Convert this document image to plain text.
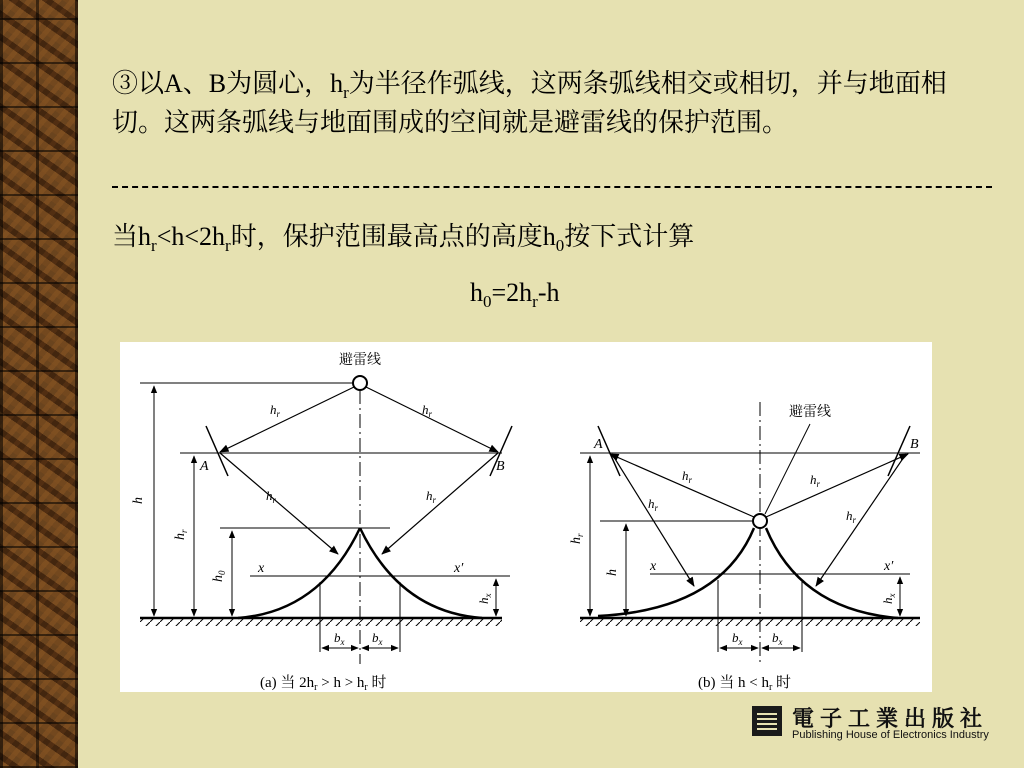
③以A、B为圆心，$h_r$为半径作弧线，这两条弧线相交或相切，并与地面相切。这两条弧线与地面围成的空间就是避雷线的保护范围。

当$h_r<h<2h_r$时，保护范围最高点的高度$h_0$按下式计算
$h_0=2h_r-h$
避雷线
A	B
$h_r$	$h_r$
$h_r$	$h_r$
x	x′
h
$h_r$
$h_0$
$h_x$
$b_x$ $b_x$
(a) 当 $2h_r > h > h_r$ 时
A	B
避雷线
$h_r$	$h_r$
$h_r$	$h_r$
x	x′
$h_r$
h
$h_x$
$b_x$ $b_x$
(b) 当 $h < h_r$ 时
電子工業出版社
Publishing House of Electronics Industry
